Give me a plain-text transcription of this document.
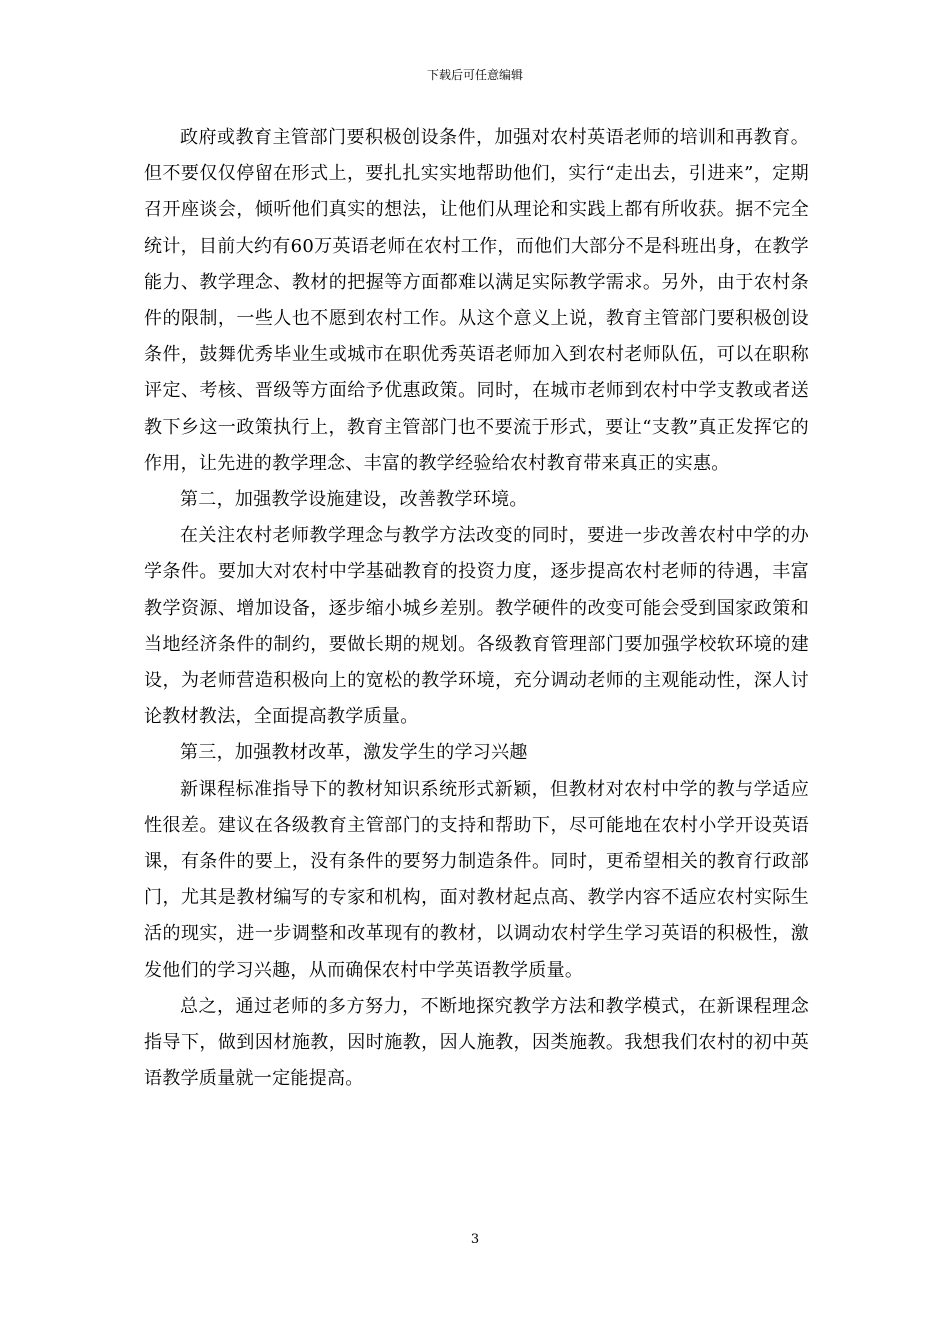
下载后可任意编辑

政府或教育主管部门要积极创设条件，加强对农村英语老师的培训和再教育。但不要仅仅停留在形式上，要扎扎实实地帮助他们，实行“走出去，引进来”，定期召开座谈会，倾听他们真实的想法，让他们从理论和实践上都有所收获。据不完全统计，目前大约有60万英语老师在农村工作，而他们大部分不是科班出身，在教学能力、教学理念、教材的把握等方面都难以满足实际教学需求。另外，由于农村条件的限制，一些人也不愿到农村工作。从这个意义上说，教育主管部门要积极创设条件，鼓舞优秀毕业生或城市在职优秀英语老师加入到农村老师队伍，可以在职称评定、考核、晋级等方面给予优惠政策。同时，在城市老师到农村中学支教或者送教下乡这一政策执行上，教育主管部门也不要流于形式，要让“支教”真正发挥它的作用，让先进的教学理念、丰富的教学经验给农村教育带来真正的实惠。

第二，加强教学设施建设，改善教学环境。

在关注农村老师教学理念与教学方法改变的同时，要进一步改善农村中学的办学条件。要加大对农村中学基础教育的投资力度，逐步提高农村老师的待遇，丰富教学资源、增加设备，逐步缩小城乡差别。教学硬件的改变可能会受到国家政策和当地经济条件的制约，要做长期的规划。各级教育管理部门要加强学校软环境的建设，为老师营造积极向上的宽松的教学环境，充分调动老师的主观能动性，深人讨论教材教法，全面提高教学质量。

第三，加强教材改革，激发学生的学习兴趣

新课程标准指导下的教材知识系统形式新颖，但教材对农村中学的教与学适应性很差。建议在各级教育主管部门的支持和帮助下，尽可能地在农村小学开设英语课，有条件的要上，没有条件的要努力制造条件。同时，更希望相关的教育行政部门，尤其是教材编写的专家和机构，面对教材起点高、教学内容不适应农村实际生活的现实，进一步调整和改革现有的教材，以调动农村学生学习英语的积极性，激发他们的学习兴趣，从而确保农村中学英语教学质量。

总之，通过老师的多方努力，不断地探究教学方法和教学模式，在新课程理念指导下，做到因材施教，因时施教，因人施教，因类施教。我想我们农村的初中英语教学质量就一定能提高。

3
